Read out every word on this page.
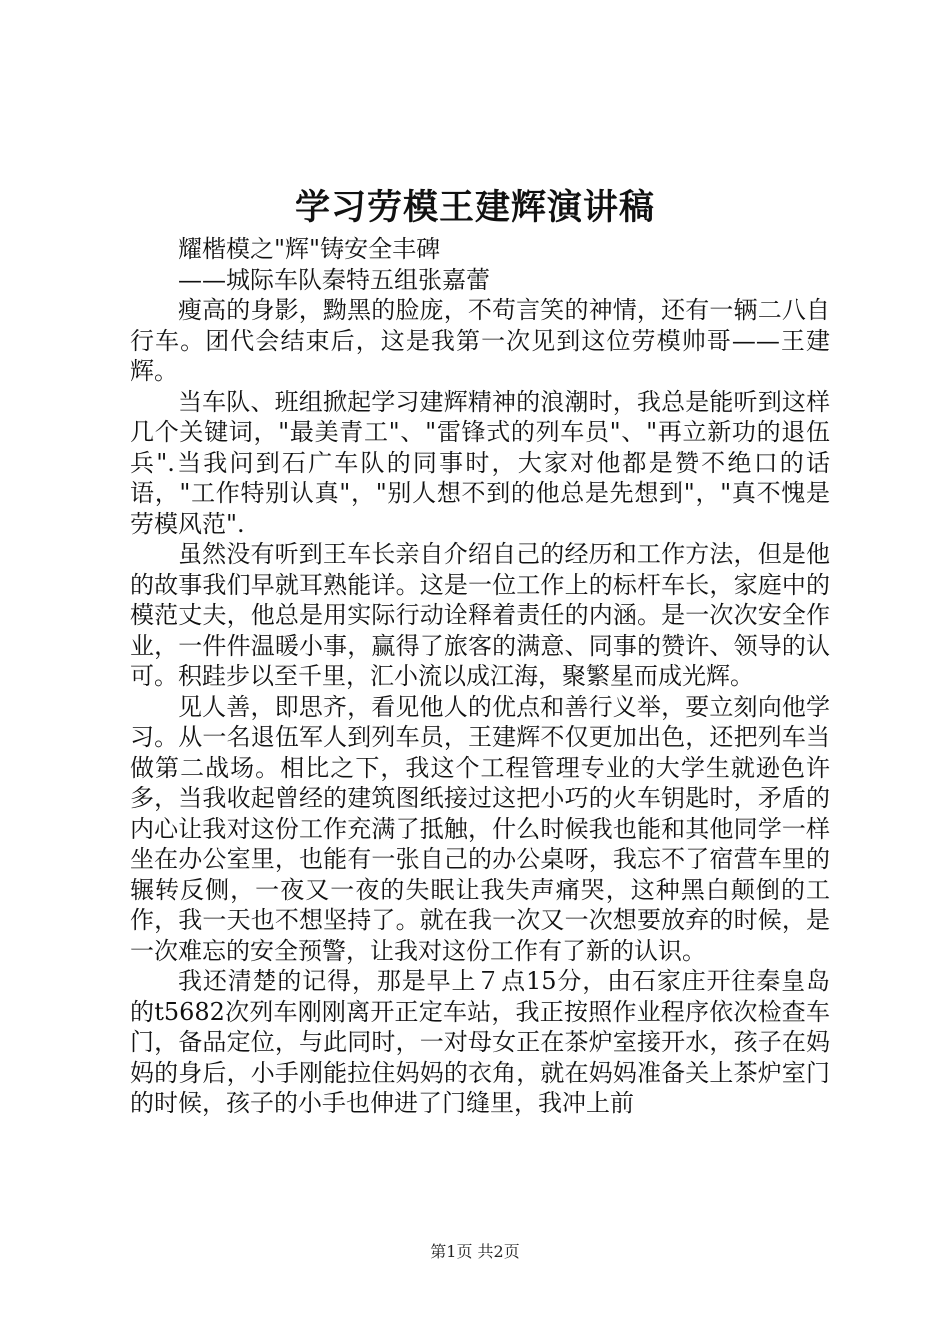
学习劳模王建辉演讲稿

耀楷模之"辉"铸安全丰碑

——城际车队秦特五组张嘉蕾

瘦高的身影，黝黑的脸庞，不苟言笑的神情，还有一辆二八自行车。团代会结束后，这是我第一次见到这位劳模帅哥——王建辉。

当车队、班组掀起学习建辉精神的浪潮时，我总是能听到这样几个关键词，"最美青工"、"雷锋式的列车员"、"再立新功的退伍兵".当我问到石广车队的同事时，大家对他都是赞不绝口的话语，"工作特别认真"，"别人想不到的他总是先想到"，"真不愧是劳模风范".

虽然没有听到王车长亲自介绍自己的经历和工作方法，但是他的故事我们早就耳熟能详。这是一位工作上的标杆车长，家庭中的模范丈夫，他总是用实际行动诠释着责任的内涵。是一次次安全作业，一件件温暖小事，赢得了旅客的满意、同事的赞许、领导的认可。积跬步以至千里，汇小流以成江海，聚繁星而成光辉。

见人善，即思齐，看见他人的优点和善行义举，要立刻向他学习。从一名退伍军人到列车员，王建辉不仅更加出色，还把列车当做第二战场。相比之下，我这个工程管理专业的大学生就逊色许多，当我收起曾经的建筑图纸接过这把小巧的火车钥匙时，矛盾的内心让我对这份工作充满了抵触，什么时候我也能和其他同学一样坐在办公室里，也能有一张自己的办公桌呀，我忘不了宿营车里的辗转反侧，一夜又一夜的失眠让我失声痛哭，这种黑白颠倒的工作，我一天也不想坚持了。就在我一次又一次想要放弃的时候，是一次难忘的安全预警，让我对这份工作有了新的认识。

我还清楚的记得，那是早上７点15分，由石家庄开往秦皇岛的t5682次列车刚刚离开正定车站，我正按照作业程序依次检查车门，备品定位，与此同时，一对母女正在茶炉室接开水，孩子在妈妈的身后，小手刚能拉住妈妈的衣角，就在妈妈准备关上茶炉室门的时候，孩子的小手也伸进了门缝里，我冲上前

第1页 共2页
